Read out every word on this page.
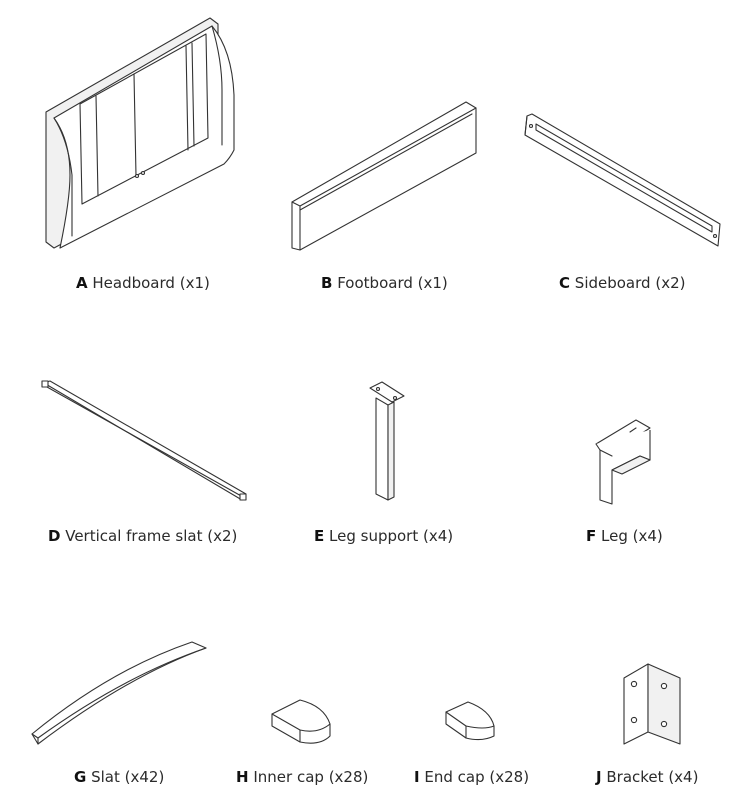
A Headboard (x1)	B Footboard (x1)	C Sideboard (x2)
D Vertical frame slat (x2)	E Leg support (x4)	F Leg (x4)
G Slat (x42)	H Inner cap (x28)	I End cap (x28)	J Bracket (x4)
